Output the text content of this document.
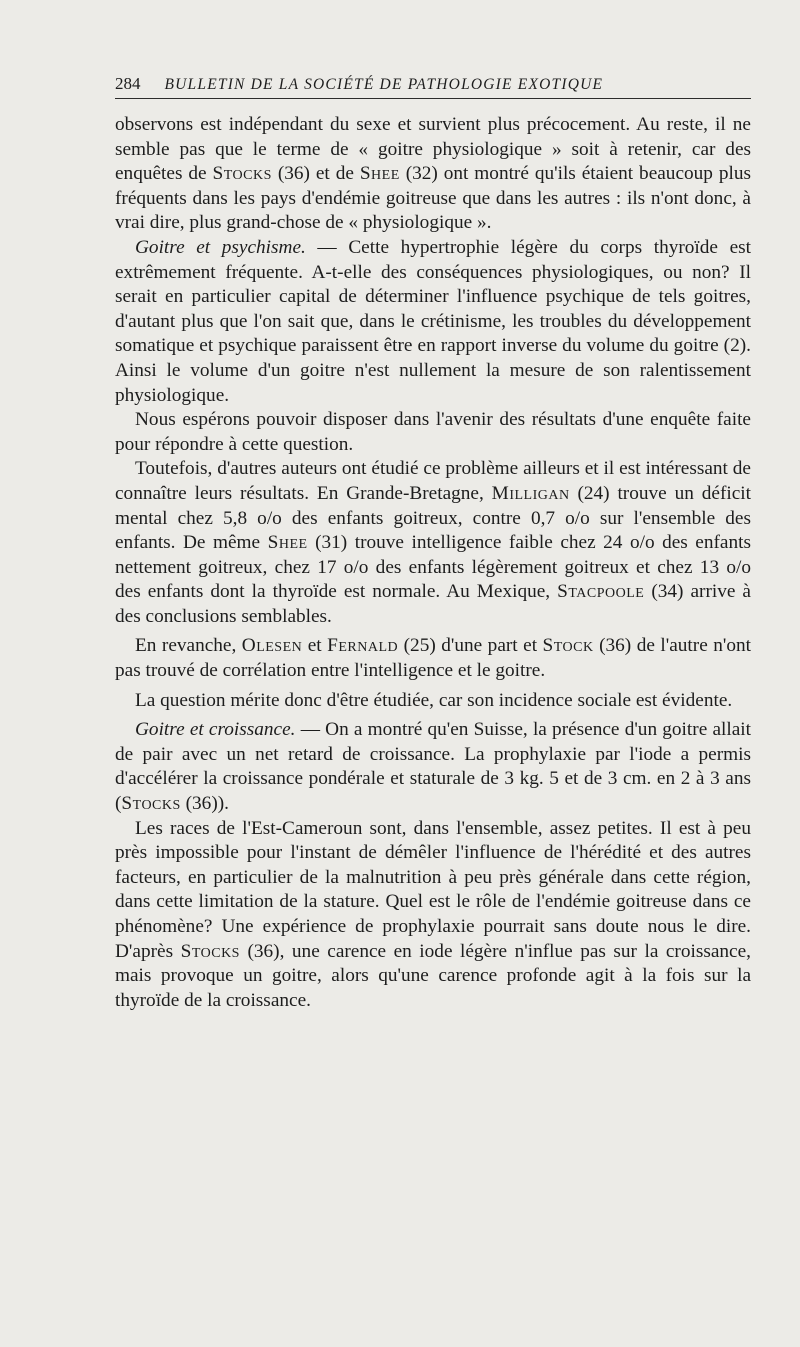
284 BULLETIN DE LA SOCIÉTÉ DE PATHOLOGIE EXOTIQUE

observons est indépendant du sexe et survient plus précocement. Au reste, il ne semble pas que le terme de « goitre physiologique » soit à retenir, car des enquêtes de Stocks (36) et de Shee (32) ont montré qu'ils étaient beaucoup plus fréquents dans les pays d'endémie goitreuse que dans les autres : ils n'ont donc, à vrai dire, plus grand-chose de « physiologique ».

Goitre et psychisme. — Cette hypertrophie légère du corps thyroïde est extrêmement fréquente. A-t-elle des conséquences physiologiques, ou non? Il serait en particulier capital de déterminer l'influence psychique de tels goitres, d'autant plus que l'on sait que, dans le crétinisme, les troubles du développement somatique et psychique paraissent être en rapport inverse du volume du goitre (2). Ainsi le volume d'un goitre n'est nullement la mesure de son ralentissement physiologique.

Nous espérons pouvoir disposer dans l'avenir des résultats d'une enquête faite pour répondre à cette question.

Toutefois, d'autres auteurs ont étudié ce problème ailleurs et il est intéressant de connaître leurs résultats. En Grande-Bretagne, Milligan (24) trouve un déficit mental chez 5,8 o/o des enfants goitreux, contre 0,7 o/o sur l'ensemble des enfants. De même Shee (31) trouve intelligence faible chez 24 o/o des enfants nettement goitreux, chez 17 o/o des enfants légèrement goitreux et chez 13 o/o des enfants dont la thyroïde est normale. Au Mexique, Stacpoole (34) arrive à des conclusions semblables.

En revanche, Olesen et Fernald (25) d'une part et Stock (36) de l'autre n'ont pas trouvé de corrélation entre l'intelligence et le goitre.

La question mérite donc d'être étudiée, car son incidence sociale est évidente.

Goitre et croissance. — On a montré qu'en Suisse, la présence d'un goitre allait de pair avec un net retard de croissance. La prophylaxie par l'iode a permis d'accélérer la croissance pondérale et staturale de 3 kg. 5 et de 3 cm. en 2 à 3 ans (Stocks (36)).

Les races de l'Est-Cameroun sont, dans l'ensemble, assez petites. Il est à peu près impossible pour l'instant de démêler l'influence de l'hérédité et des autres facteurs, en particulier de la malnutrition à peu près générale dans cette région, dans cette limitation de la stature. Quel est le rôle de l'endémie goitreuse dans ce phénomène? Une expérience de prophylaxie pourrait sans doute nous le dire. D'après Stocks (36), une carence en iode légère n'influe pas sur la croissance, mais provoque un goitre, alors qu'une carence profonde agit à la fois sur la thyroïde de la croissance.
